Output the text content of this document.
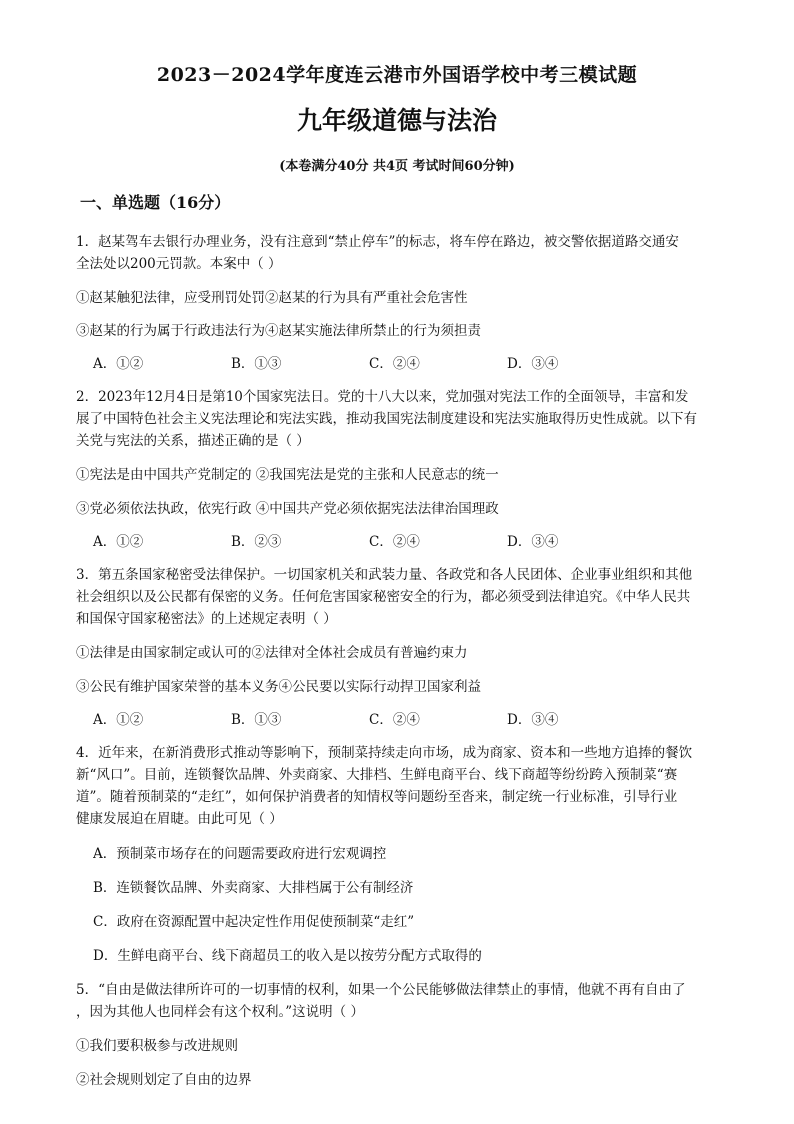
2023－2024学年度连云港市外国语学校中考三模试题
九年级道德与法治
(本卷满分40分 共4页 考试时间60分钟)
一、单选题（16分）
1．赵某驾车去银行办理业务，没有注意到“禁止停车”的标志，将车停在路边，被交警依据道路交通安
全法处以200元罚款。本案中（ ）
①赵某触犯法律，应受刑罚处罚②赵某的行为具有严重社会危害性
③赵某的行为属于行政违法行为④赵某实施法律所禁止的行为须担责
A．①②	B．①③	C．②④	D．③④
2．2023年12月4日是第10个国家宪法日。党的十八大以来，党加强对宪法工作的全面领导，丰富和发
展了中国特色社会主义宪法理论和宪法实践，推动我国宪法制度建设和宪法实施取得历史性成就。以下有
关党与宪法的关系，描述正确的是（ ）
①宪法是由中国共产党制定的 ②我国宪法是党的主张和人民意志的统一
③党必须依法执政，依宪行政 ④中国共产党必须依据宪法法律治国理政
A．①②	B．②③	C．②④	D．③④
3．第五条国家秘密受法律保护。一切国家机关和武装力量、各政党和各人民团体、企业事业组织和其他
社会组织以及公民都有保密的义务。任何危害国家秘密安全的行为，都必须受到法律追究。《中华人民共
和国保守国家秘密法》的上述规定表明（ ）
①法律是由国家制定或认可的②法律对全体社会成员有普遍约束力
③公民有维护国家荣誉的基本义务④公民要以实际行动捍卫国家利益
A．①②	B．①③	C．②④	D．③④
4．近年来，在新消费形式推动等影响下，预制菜持续走向市场，成为商家、资本和一些地方追捧的餐饮
新“风口”。目前，连锁餐饮品牌、外卖商家、大排档、生鲜电商平台、线下商超等纷纷跨入预制菜“赛
道”。随着预制菜的“走红”，如何保护消费者的知情权等问题纷至沓来，制定统一行业标准，引导行业
健康发展迫在眉睫。由此可见（ ）
A．预制菜市场存在的问题需要政府进行宏观调控
B．连锁餐饮品牌、外卖商家、大排档属于公有制经济
C．政府在资源配置中起决定性作用促使预制菜“走红”
D．生鲜电商平台、线下商超员工的收入是以按劳分配方式取得的
5．“自由是做法律所许可的一切事情的权利，如果一个公民能够做法律禁止的事情，他就不再有自由了
，因为其他人也同样会有这个权利。”这说明（ ）
①我们要积极参与改进规则
②社会规则划定了自由的边界
